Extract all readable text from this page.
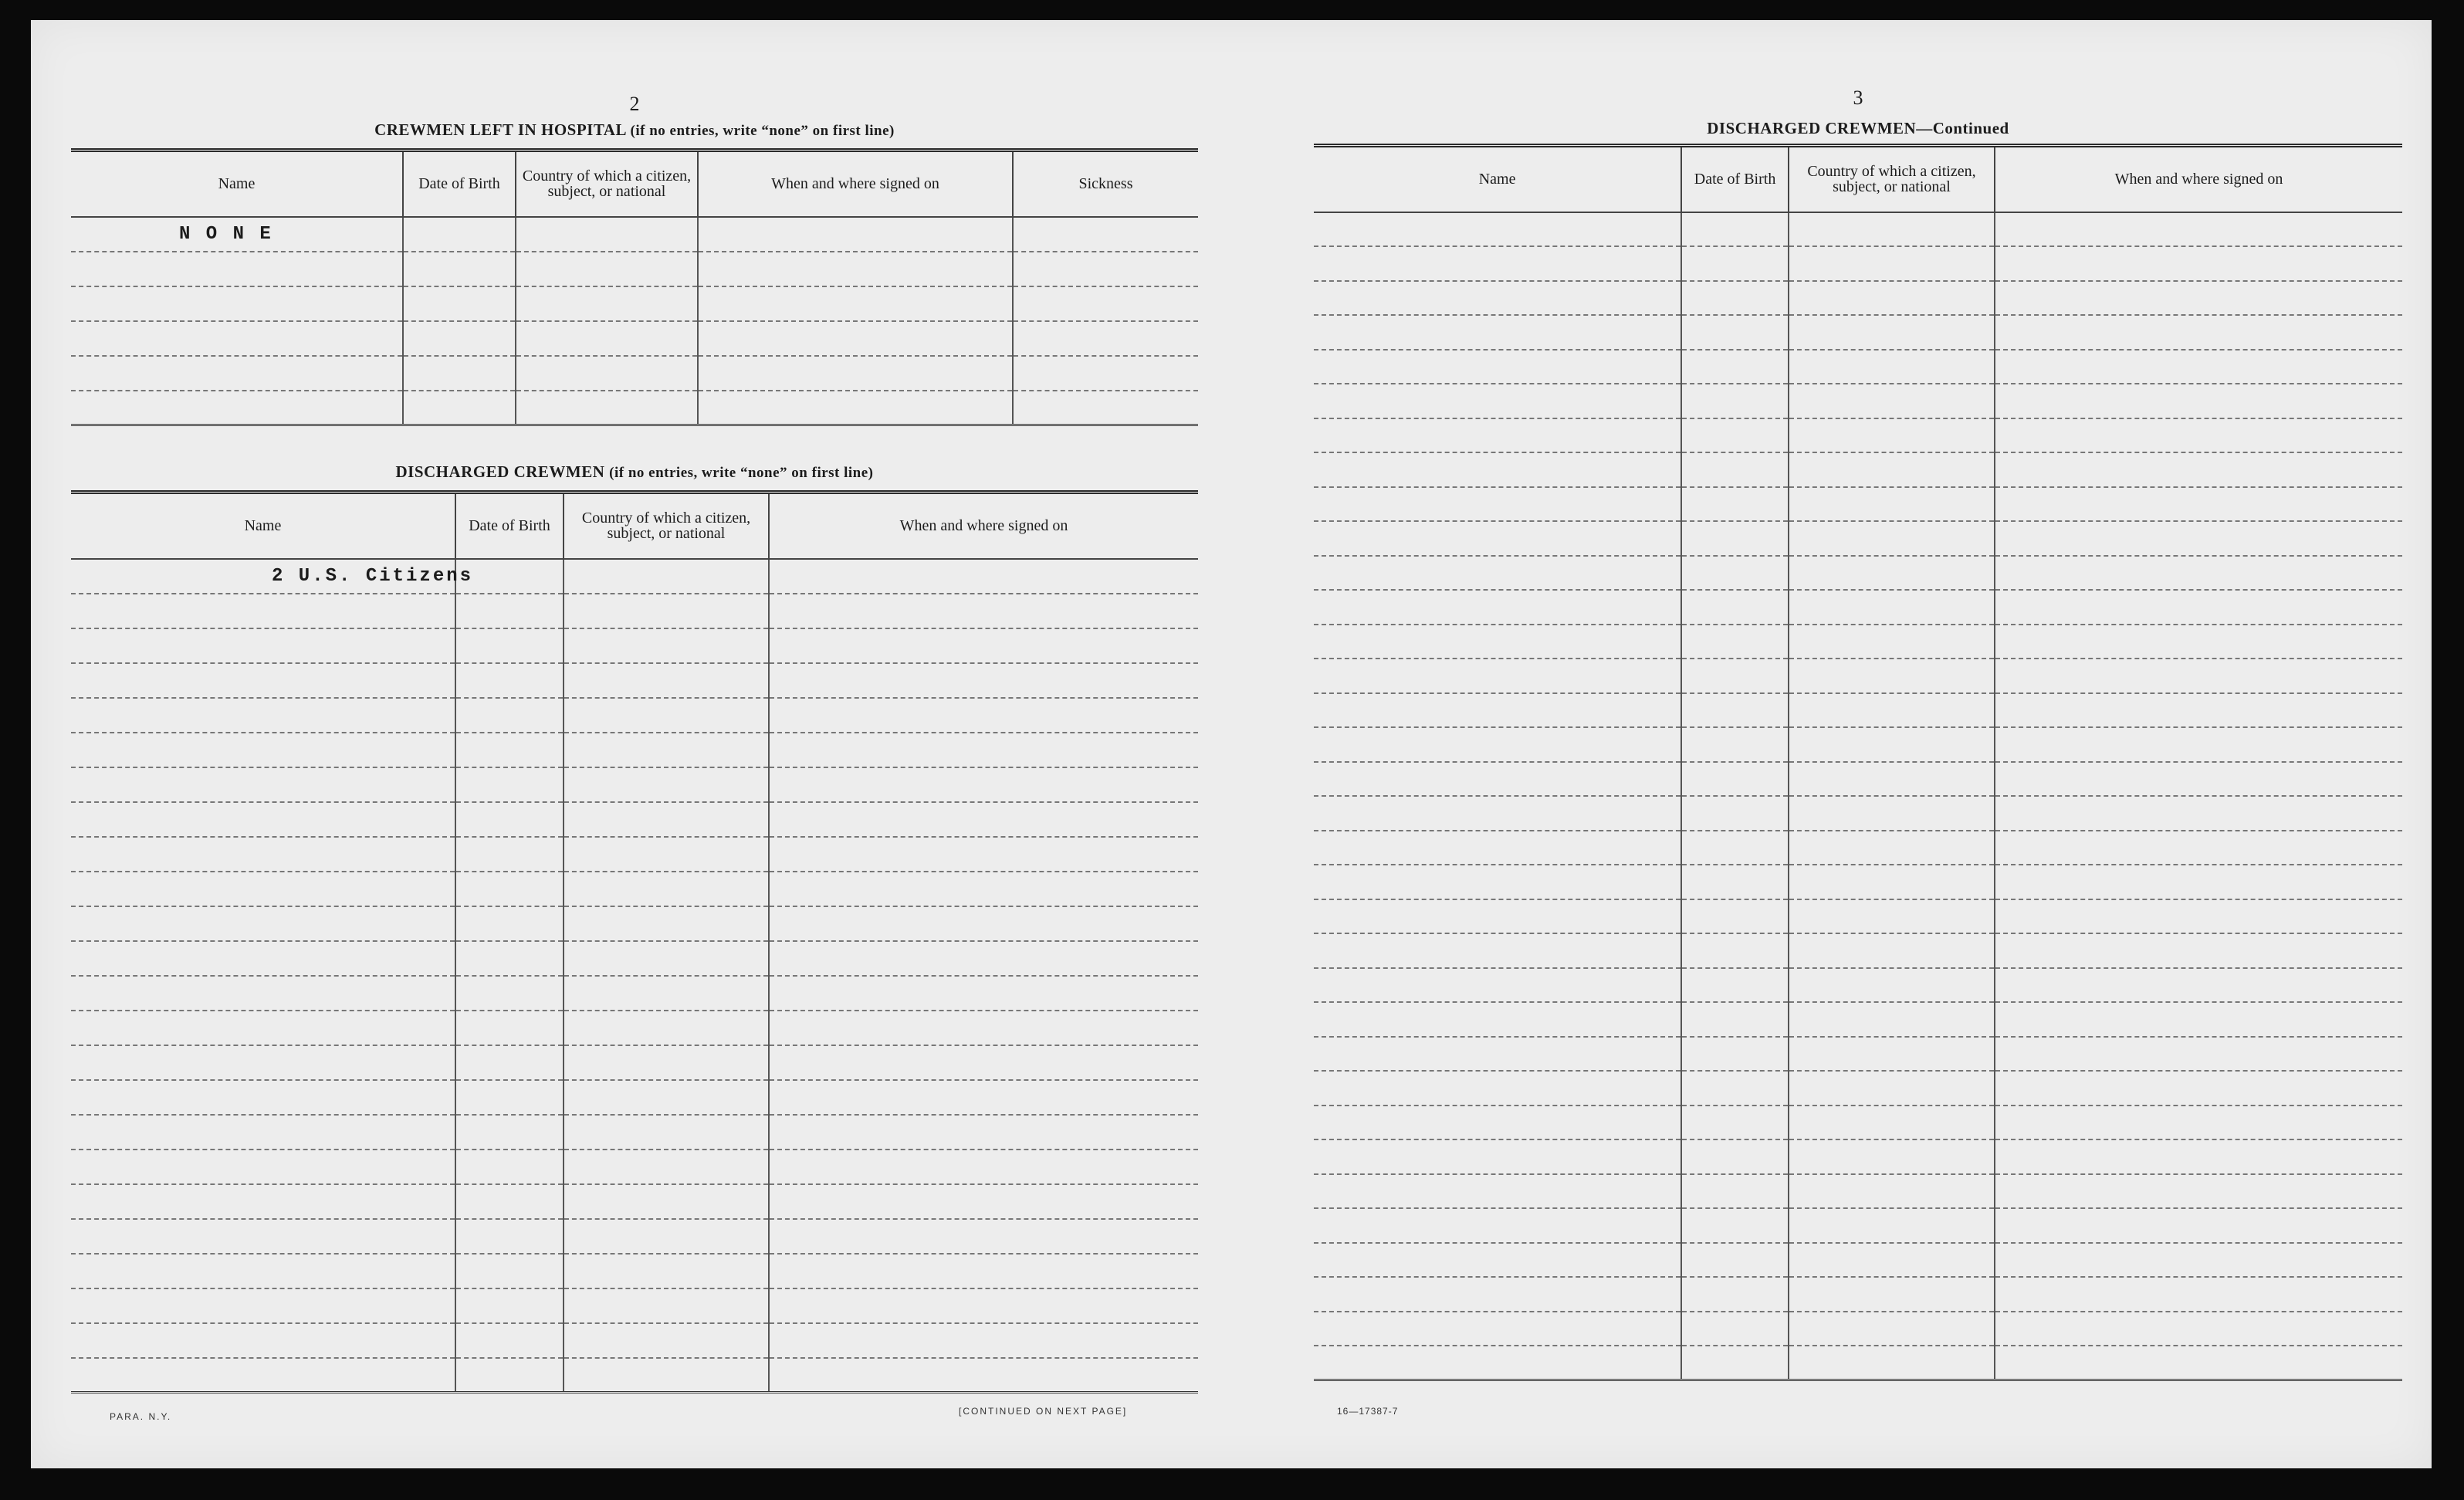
2
CREWMEN LEFT IN HOSPITAL (if no entries, write “none” on first line)
Name	Date of Birth	Country of which a citizen, subject, or national	When and where signed on	Sickness
N O N E				

DISCHARGED CREWMEN (if no entries, write “none” on first line)
Name	Date of Birth	Country of which a citizen, subject, or national	When and where signed on
2 U.S. Citizens			

PARA. N.Y.	[CONTINUED ON NEXT PAGE]
3
DISCHARGED CREWMEN—Continued
Name	Date of Birth	Country of which a citizen, subject, or national	When and where signed on

16—17387-7
